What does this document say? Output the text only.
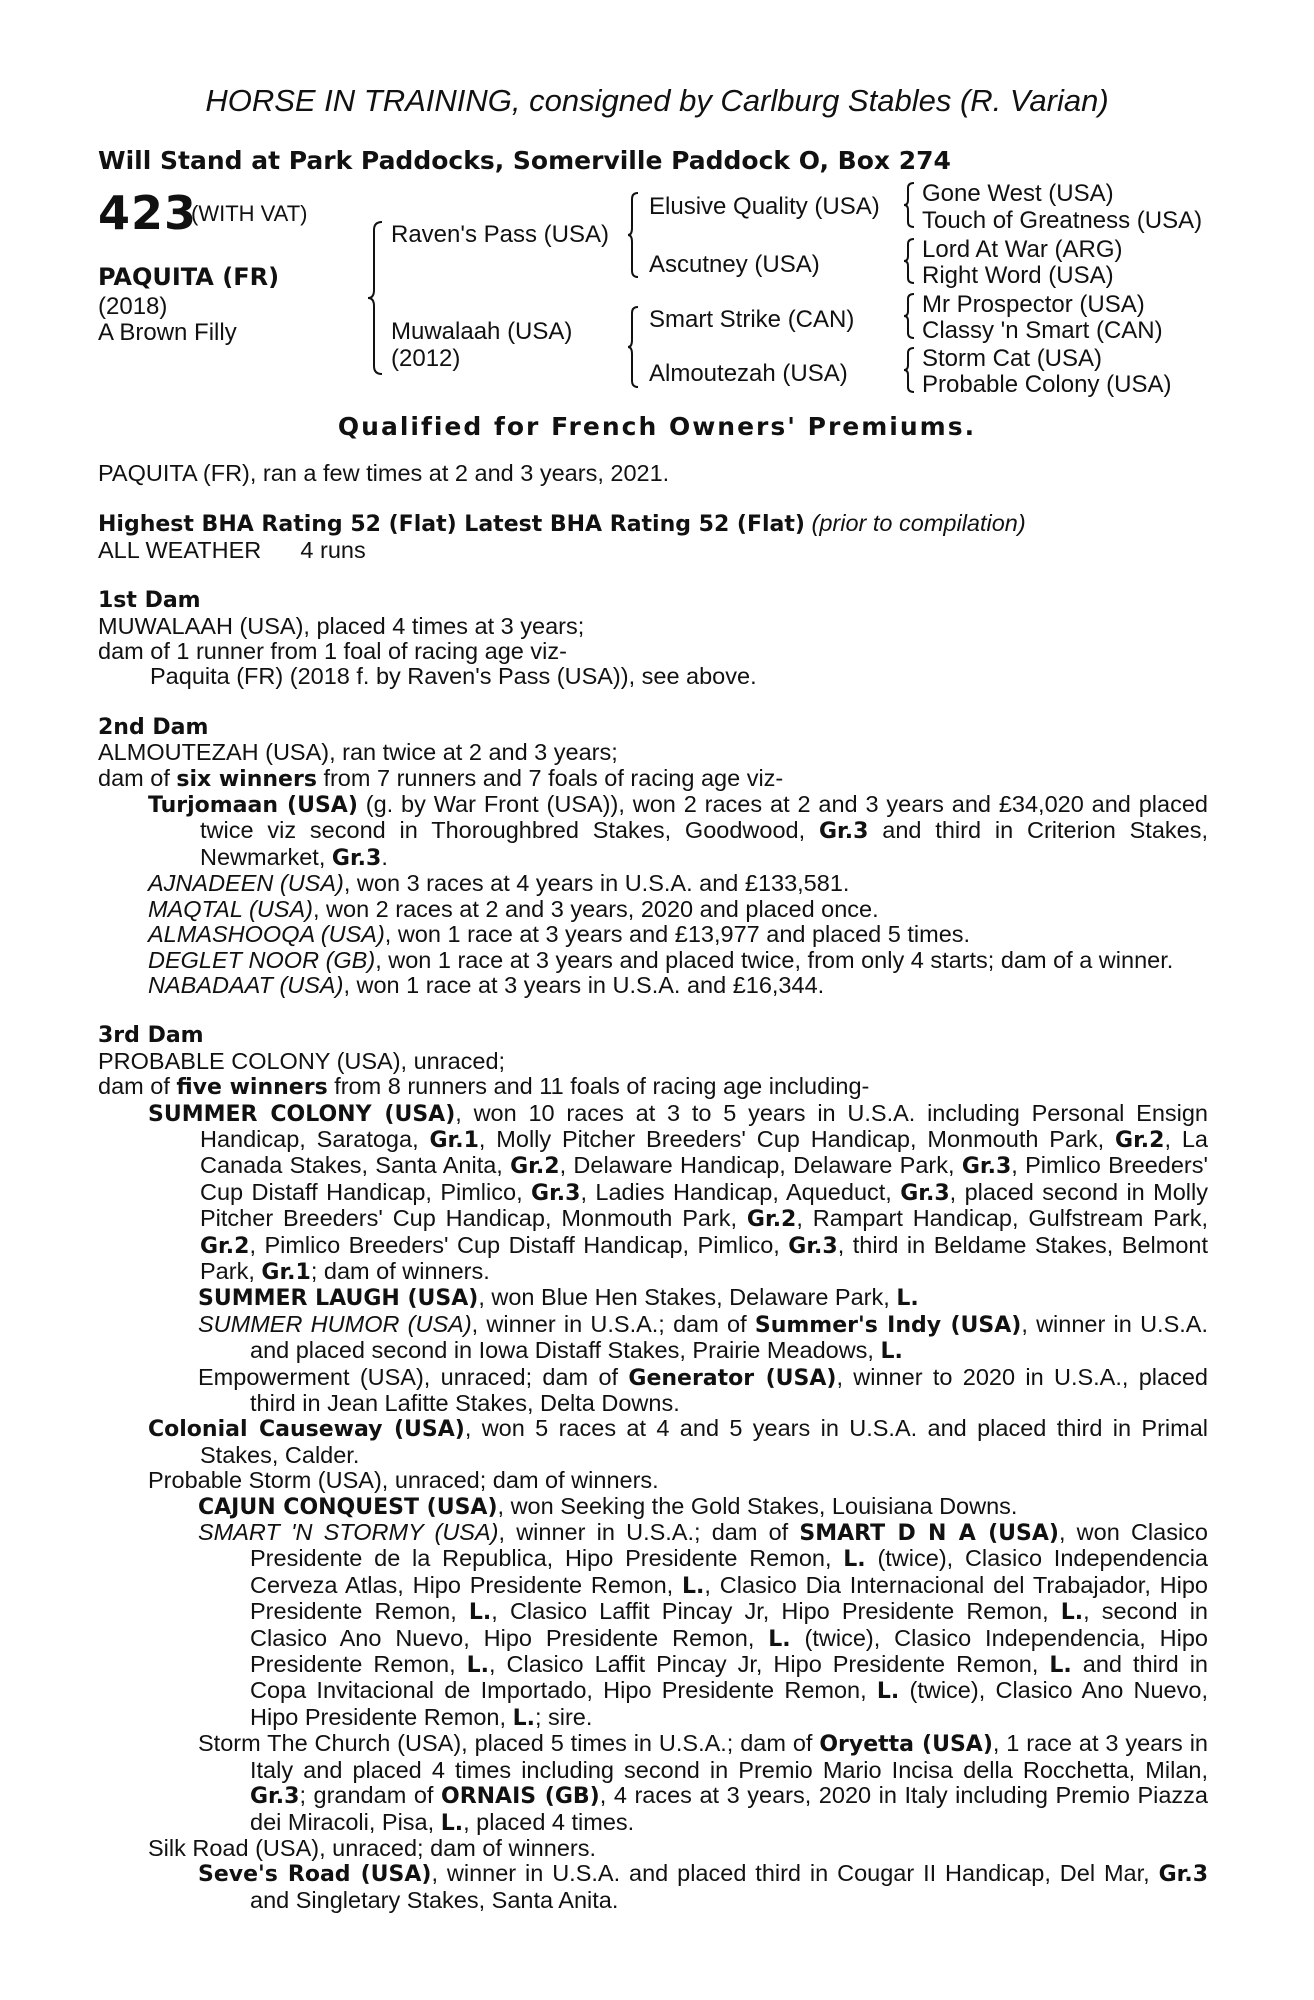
HORSE IN TRAINING, consigned by Carlburg Stables (R. Varian)
Will Stand at Park Paddocks, Somerville Paddock O, Box 274
423
(WITH VAT)
PAQUITA (FR)
(2018)
A Brown Filly
Raven's Pass (USA)
Muwalaah (USA)
(2012)
Elusive Quality (USA)
Ascutney (USA)
Smart Strike (CAN)
Almoutezah (USA)
Gone West (USA)
Touch of Greatness (USA)
Lord At War (ARG)
Right Word (USA)
Mr Prospector (USA)
Classy 'n Smart (CAN)
Storm Cat (USA)
Probable Colony (USA)
Qualified for French Owners' Premiums.

PAQUITA (FR), ran a few times at 2 and 3 years, 2021.

Highest BHA Rating 52 (Flat) Latest BHA Rating 52 (Flat) (prior to compilation)

ALL WEATHER 4 runs

1st Dam

MUWALAAH (USA), placed 4 times at 3 years;

dam of 1 runner from 1 foal of racing age viz-

Paquita (FR) (2018 f. by Raven's Pass (USA)), see above.

2nd Dam

ALMOUTEZAH (USA), ran twice at 2 and 3 years;

dam of six winners from 7 runners and 7 foals of racing age viz-

Turjomaan (USA) (g. by War Front (USA)), won 2 races at 2 and 3 years and £34,020 and placed twice viz second in Thoroughbred Stakes, Goodwood, Gr.3 and third in Criterion Stakes, Newmarket, Gr.3.

AJNADEEN (USA), won 3 races at 4 years in U.S.A. and £133,581.

MAQTAL (USA), won 2 races at 2 and 3 years, 2020 and placed once.

ALMASHOOQA (USA), won 1 race at 3 years and £13,977 and placed 5 times.

DEGLET NOOR (GB), won 1 race at 3 years and placed twice, from only 4 starts; dam of a winner.

NABADAAT (USA), won 1 race at 3 years in U.S.A. and £16,344.

3rd Dam

PROBABLE COLONY (USA), unraced;

dam of five winners from 8 runners and 11 foals of racing age including-

SUMMER COLONY (USA), won 10 races at 3 to 5 years in U.S.A. including Personal Ensign Handicap, Saratoga, Gr.1, Molly Pitcher Breeders' Cup Handicap, Monmouth Park, Gr.2, La Canada Stakes, Santa Anita, Gr.2, Delaware Handicap, Delaware Park, Gr.3, Pimlico Breeders' Cup Distaff Handicap, Pimlico, Gr.3, Ladies Handicap, Aqueduct, Gr.3, placed second in Molly Pitcher Breeders' Cup Handicap, Monmouth Park, Gr.2, Rampart Handicap, Gulfstream Park, Gr.2, Pimlico Breeders' Cup Distaff Handicap, Pimlico, Gr.3, third in Beldame Stakes, Belmont Park, Gr.1; dam of winners.

SUMMER LAUGH (USA), won Blue Hen Stakes, Delaware Park, L.

SUMMER HUMOR (USA), winner in U.S.A.; dam of Summer's Indy (USA), winner in U.S.A. and placed second in Iowa Distaff Stakes, Prairie Meadows, L.

Empowerment (USA), unraced; dam of Generator (USA), winner to 2020 in U.S.A., placed third in Jean Lafitte Stakes, Delta Downs.

Colonial Causeway (USA), won 5 races at 4 and 5 years in U.S.A. and placed third in Primal Stakes, Calder.

Probable Storm (USA), unraced; dam of winners.

CAJUN CONQUEST (USA), won Seeking the Gold Stakes, Louisiana Downs.

SMART 'N STORMY (USA), winner in U.S.A.; dam of SMART D N A (USA), won Clasico Presidente de la Republica, Hipo Presidente Remon, L. (twice), Clasico Independencia Cerveza Atlas, Hipo Presidente Remon, L., Clasico Dia Internacional del Trabajador, Hipo Presidente Remon, L., Clasico Laffit Pincay Jr, Hipo Presidente Remon, L., second in Clasico Ano Nuevo, Hipo Presidente Remon, L. (twice), Clasico Independencia, Hipo Presidente Remon, L., Clasico Laffit Pincay Jr, Hipo Presidente Remon, L. and third in Copa Invitacional de Importado, Hipo Presidente Remon, L. (twice), Clasico Ano Nuevo, Hipo Presidente Remon, L.; sire.

Storm The Church (USA), placed 5 times in U.S.A.; dam of Oryetta (USA), 1 race at 3 years in Italy and placed 4 times including second in Premio Mario Incisa della Rocchetta, Milan, Gr.3; grandam of ORNAIS (GB), 4 races at 3 years, 2020 in Italy including Premio Piazza dei Miracoli, Pisa, L., placed 4 times.

Silk Road (USA), unraced; dam of winners.

Seve's Road (USA), winner in U.S.A. and placed third in Cougar II Handicap, Del Mar, Gr.3 and Singletary Stakes, Santa Anita.
